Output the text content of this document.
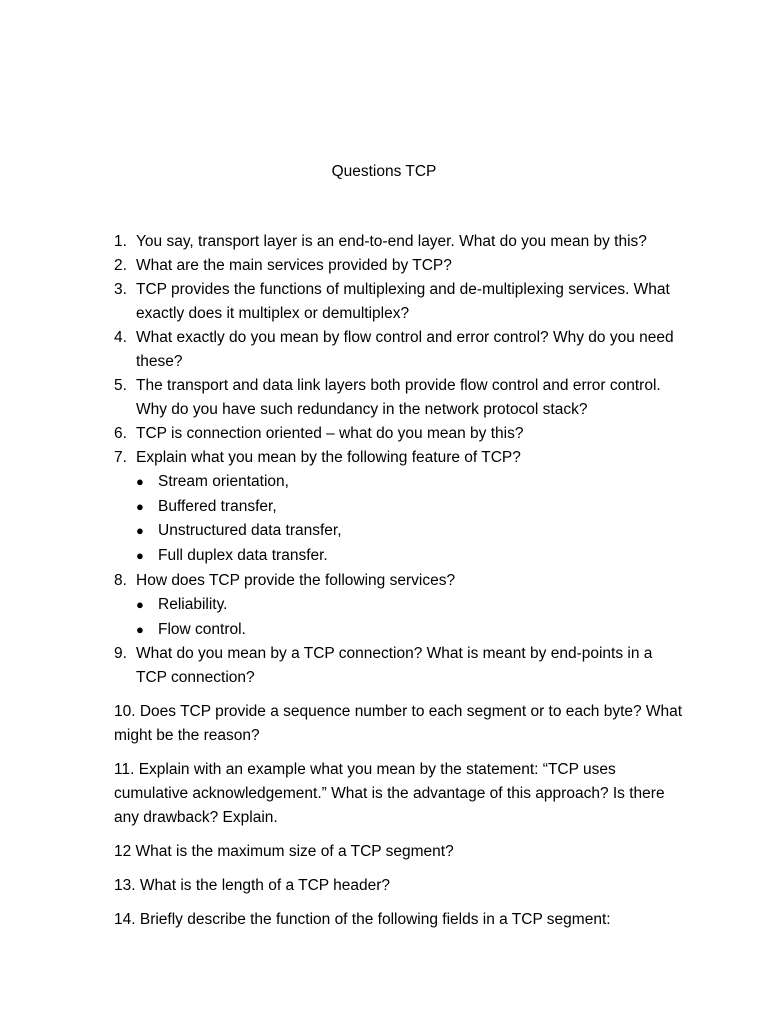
Questions TCP
1. You say, transport layer is an end-to-end layer. What do you mean by this?
2. What are the main services provided by TCP?
3. TCP provides the functions of multiplexing and de-multiplexing services. What exactly does it multiplex or demultiplex?
4. What exactly do you mean by flow control and error control? Why do you need these?
5. The transport and data link layers both provide flow control and error control. Why do you have such redundancy in the network protocol stack?
6. TCP is connection oriented – what do you mean by this?
7. Explain what you mean by the following feature of TCP?
● Stream orientation,
● Buffered transfer,
● Unstructured data transfer,
● Full duplex data transfer.
8. How does TCP provide the following services?
● Reliability.
● Flow control.
9. What do you mean by a TCP connection? What is meant by end-points in a TCP connection?

10. Does TCP provide a sequence number to each segment or to each byte? What might be the reason?

11. Explain with an example what you mean by the statement: “TCP uses cumulative acknowledgement.” What is the advantage of this approach? Is there any drawback? Explain.

12 What is the maximum size of a TCP segment?

13. What is the length of a TCP header?

14. Briefly describe the function of the following fields in a TCP segment:
